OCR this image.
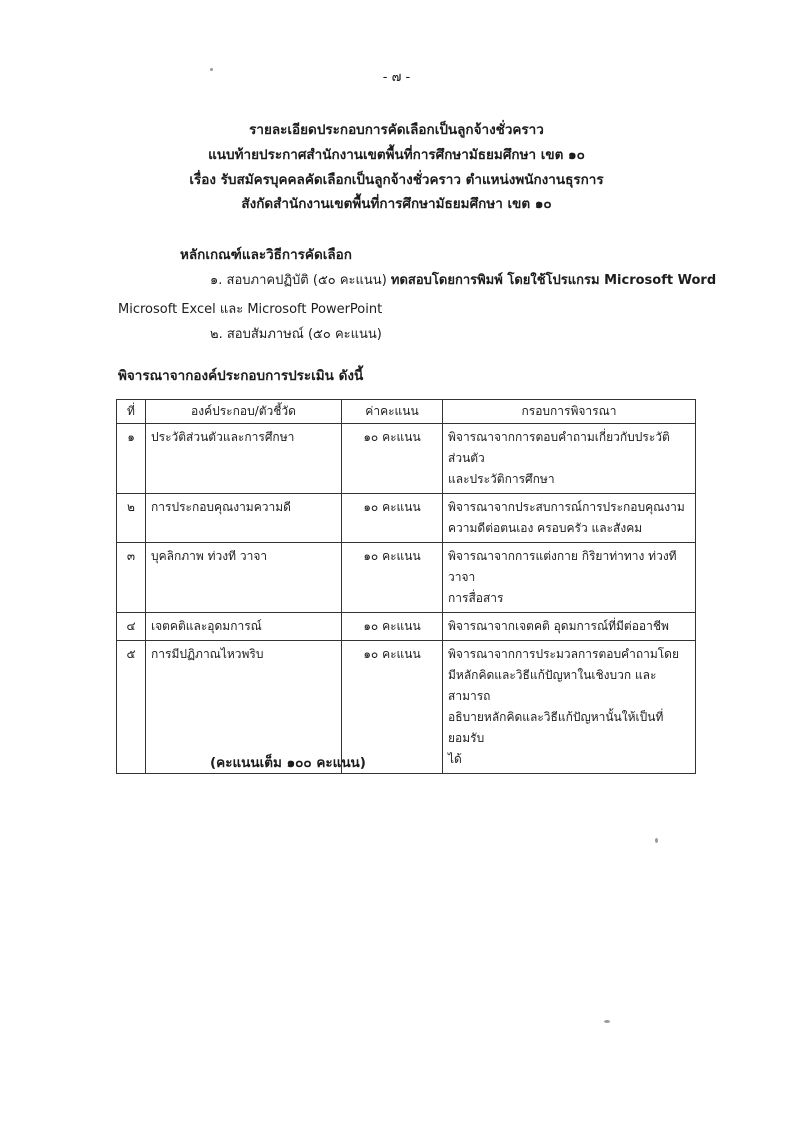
- ๗ -
รายละเอียดประกอบการคัดเลือกเป็นลูกจ้างชั่วคราว
แนบท้ายประกาศสำนักงานเขตพื้นที่การศึกษามัธยมศึกษา เขต ๑๐
เรื่อง รับสมัครบุคคลคัดเลือกเป็นลูกจ้างชั่วคราว ตำแหน่งพนักงานธุรการ
สังกัดสำนักงานเขตพื้นที่การศึกษามัธยมศึกษา เขต ๑๐
หลักเกณฑ์และวิธีการคัดเลือก
๑. สอบภาคปฏิบัติ (๕๐ คะแนน) ทดสอบโดยการพิมพ์ โดยใช้โปรแกรม Microsoft Word
Microsoft Excel และ Microsoft PowerPoint
๒. สอบสัมภาษณ์ (๕๐ คะแนน)
พิจารณาจากองค์ประกอบการประเมิน ดังนี้
ที่	องค์ประกอบ/ตัวชี้วัด	ค่าคะแนน	กรอบการพิจารณา
๑	ประวัติส่วนตัวและการศึกษา	๑๐ คะแนน	พิจารณาจากการตอบคำถามเกี่ยวกับประวัติส่วนตัว
และประวัติการศึกษา

๒	การประกอบคุณงามความดี	๑๐ คะแนน	พิจารณาจากประสบการณ์การประกอบคุณงาม
ความดีต่อตนเอง ครอบครัว และสังคม

๓	บุคลิกภาพ ท่วงที วาจา	๑๐ คะแนน	พิจารณาจากการแต่งกาย กิริยาท่าทาง ท่วงทีวาจา
การสื่อสาร

๔	เจตคติและอุดมการณ์	๑๐ คะแนน	พิจารณาจากเจตคติ อุดมการณ์ที่มีต่ออาชีพ

๕	การมีปฏิภาณไหวพริบ	๑๐ คะแนน	พิจารณาจากการประมวลการตอบคำถามโดย
มีหลักคิดและวิธีแก้ปัญหาในเชิงบวก และสามารถ
อธิบายหลักคิดและวิธีแก้ปัญหานั้นให้เป็นที่ยอมรับ
ได้
(คะแนนเต็ม ๑๐๐ คะแนน)
